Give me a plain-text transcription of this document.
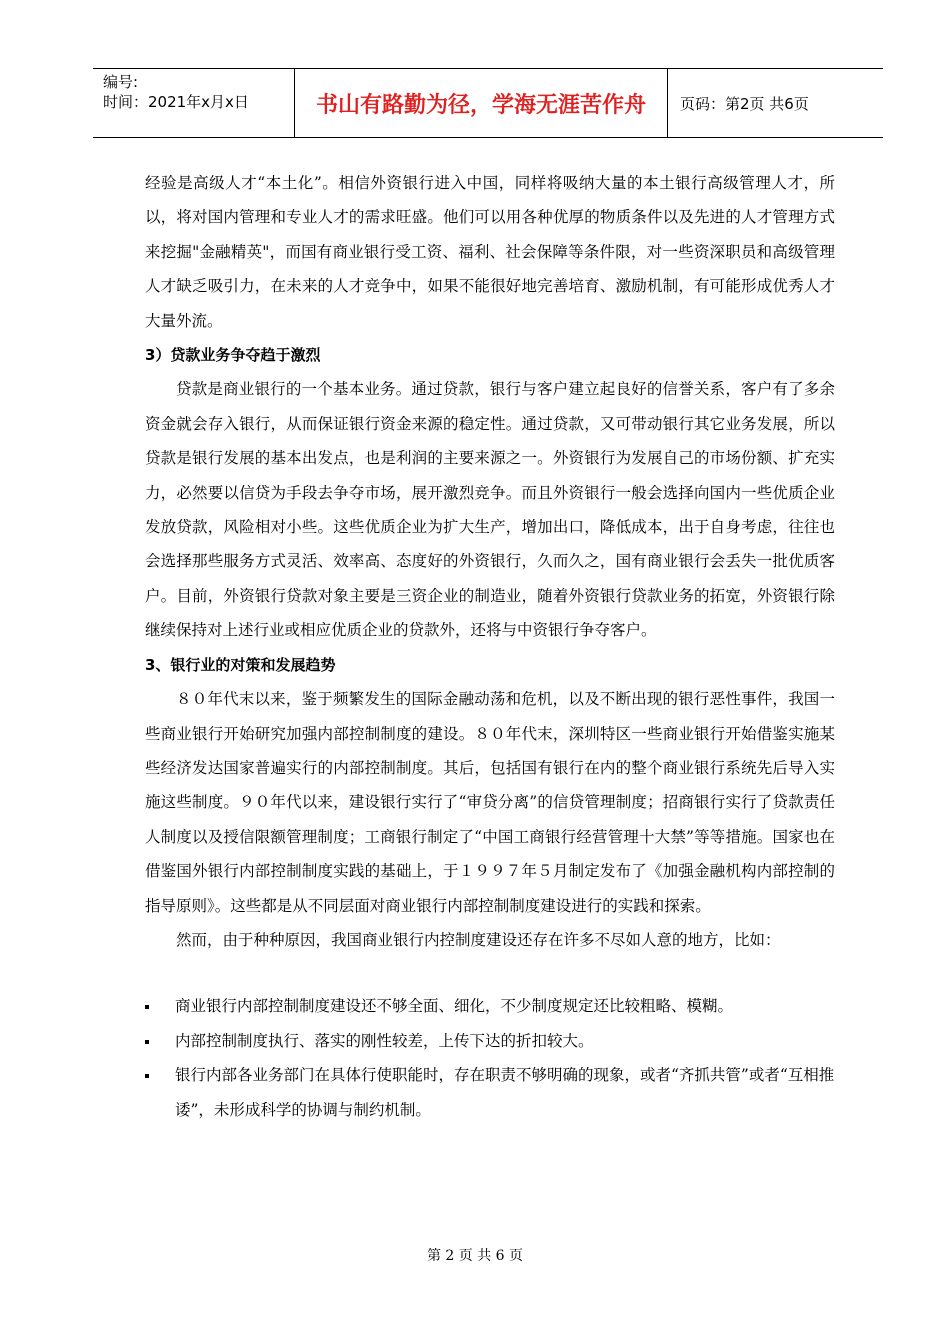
编号:
时间：2021年x月x日	书山有路勤为径，学海无涯苦作舟	页码：第2页 共6页

经验是高级人才“本土化”。相信外资银行进入中国，同样将吸纳大量的本土银行高级管理人才，所以，将对国内管理和专业人才的需求旺盛。他们可以用各种优厚的物质条件以及先进的人才管理方式来挖掘"金融精英"，而国有商业银行受工资、福利、社会保障等条件限，对一些资深职员和高级管理人才缺乏吸引力，在未来的人才竞争中，如果不能很好地完善培育、激励机制，有可能形成优秀人才大量外流。

3）贷款业务争夺趋于激烈

贷款是商业银行的一个基本业务。通过贷款，银行与客户建立起良好的信誉关系，客户有了多余资金就会存入银行，从而保证银行资金来源的稳定性。通过贷款，又可带动银行其它业务发展，所以贷款是银行发展的基本出发点，也是利润的主要来源之一。外资银行为发展自己的市场份额、扩充实力，必然要以信贷为手段去争夺市场，展开激烈竞争。而且外资银行一般会选择向国内一些优质企业发放贷款，风险相对小些。这些优质企业为扩大生产，增加出口，降低成本，出于自身考虑，往往也会选择那些服务方式灵活、效率高、态度好的外资银行，久而久之，国有商业银行会丢失一批优质客户。目前，外资银行贷款对象主要是三资企业的制造业，随着外资银行贷款业务的拓宽，外资银行除继续保持对上述行业或相应优质企业的贷款外，还将与中资银行争夺客户。

3、银行业的对策和发展趋势

８０年代末以来，鉴于频繁发生的国际金融动荡和危机，以及不断出现的银行恶性事件，我国一些商业银行开始研究加强内部控制制度的建设。８０年代末，深圳特区一些商业银行开始借鉴实施某些经济发达国家普遍实行的内部控制制度。其后，包括国有银行在内的整个商业银行系统先后导入实施这些制度。９０年代以来，建设银行实行了“审贷分离”的信贷管理制度；招商银行实行了贷款责任人制度以及授信限额管理制度；工商银行制定了“中国工商银行经营管理十大禁”等等措施。国家也在借鉴国外银行内部控制制度实践的基础上，于１９９７年５月制定发布了《加强金融机构内部控制的指导原则》。这些都是从不同层面对商业银行内部控制制度建设进行的实践和探索。

然而，由于种种原因，我国商业银行内控制度建设还存在许多不尽如人意的地方，比如：

商业银行内部控制制度建设还不够全面、细化，不少制度规定还比较粗略、模糊。
内部控制制度执行、落实的刚性较差，上传下达的折扣较大。
银行内部各业务部门在具体行使职能时，存在职责不够明确的现象，或者“齐抓共管”或者“互相推诿”，未形成科学的协调与制约机制。
第 2 页 共 6 页
